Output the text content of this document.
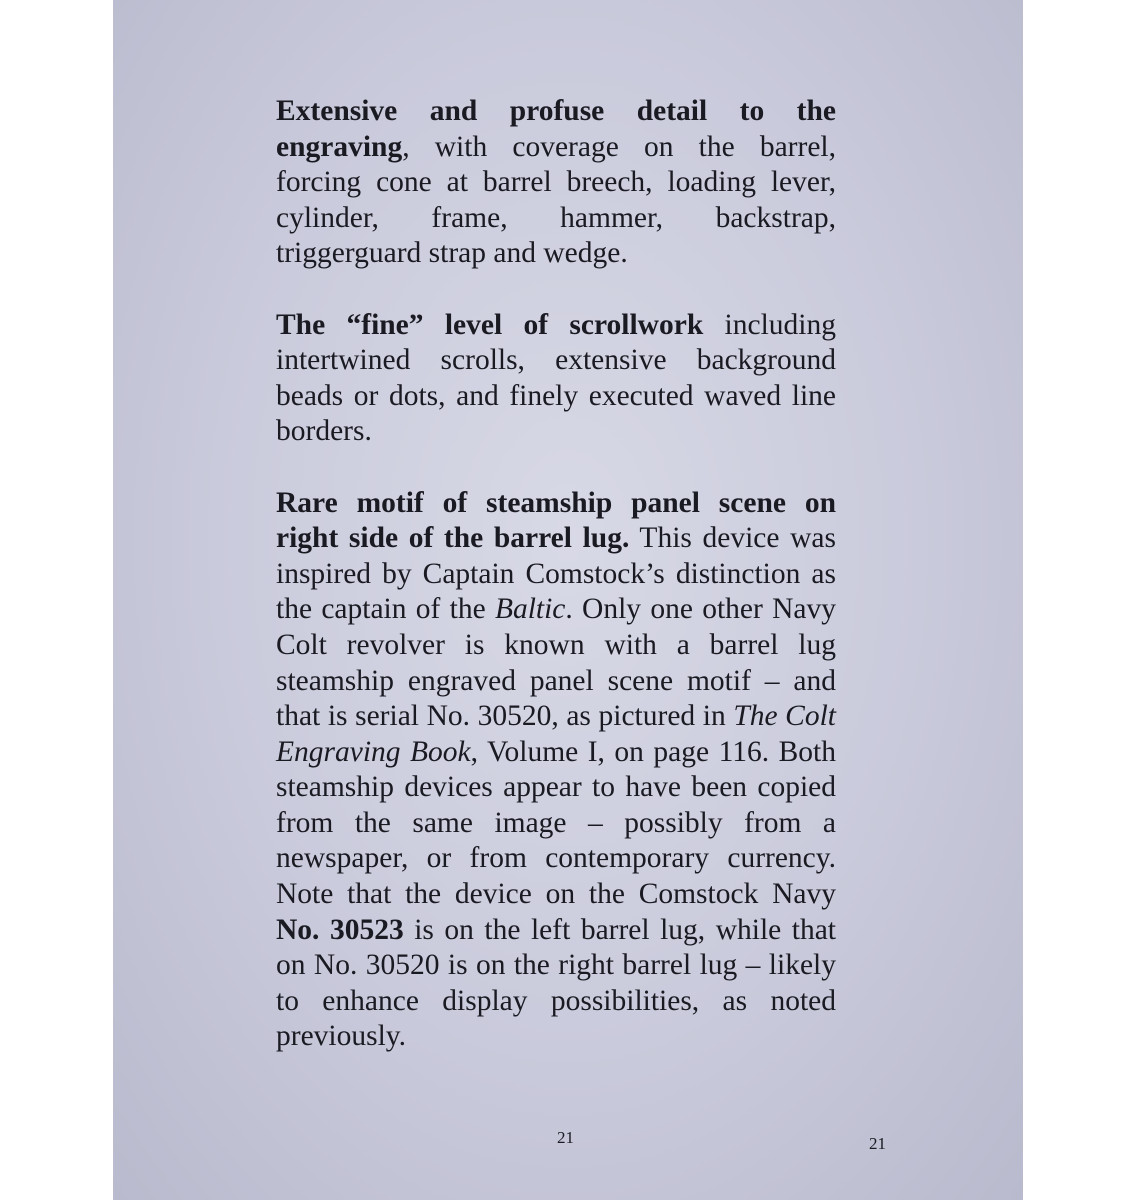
Extensive and profuse detail to the engraving, with coverage on the barrel, forcing cone at barrel breech, loading lever, cylinder, frame, hammer, backstrap, triggerguard strap and wedge.

The “fine” level of scrollwork including intertwined scrolls, extensive background beads or dots, and finely executed waved line borders.

Rare motif of steamship panel scene on right side of the barrel lug. This device was inspired by Captain Comstock’s distinction as the captain of the Baltic. Only one other Navy Colt revolver is known with a barrel lug steamship engraved panel scene motif – and that is serial No. 30520, as pictured in The Colt Engraving Book, Volume I, on page 116. Both steamship devices appear to have been copied from the same image – possibly from a newspaper, or from contemporary currency. Note that the device on the Comstock Navy No. 30523 is on the left barrel lug, while that on No. 30520 is on the right barrel lug – likely to enhance display possibilities, as noted previously.

21	21
